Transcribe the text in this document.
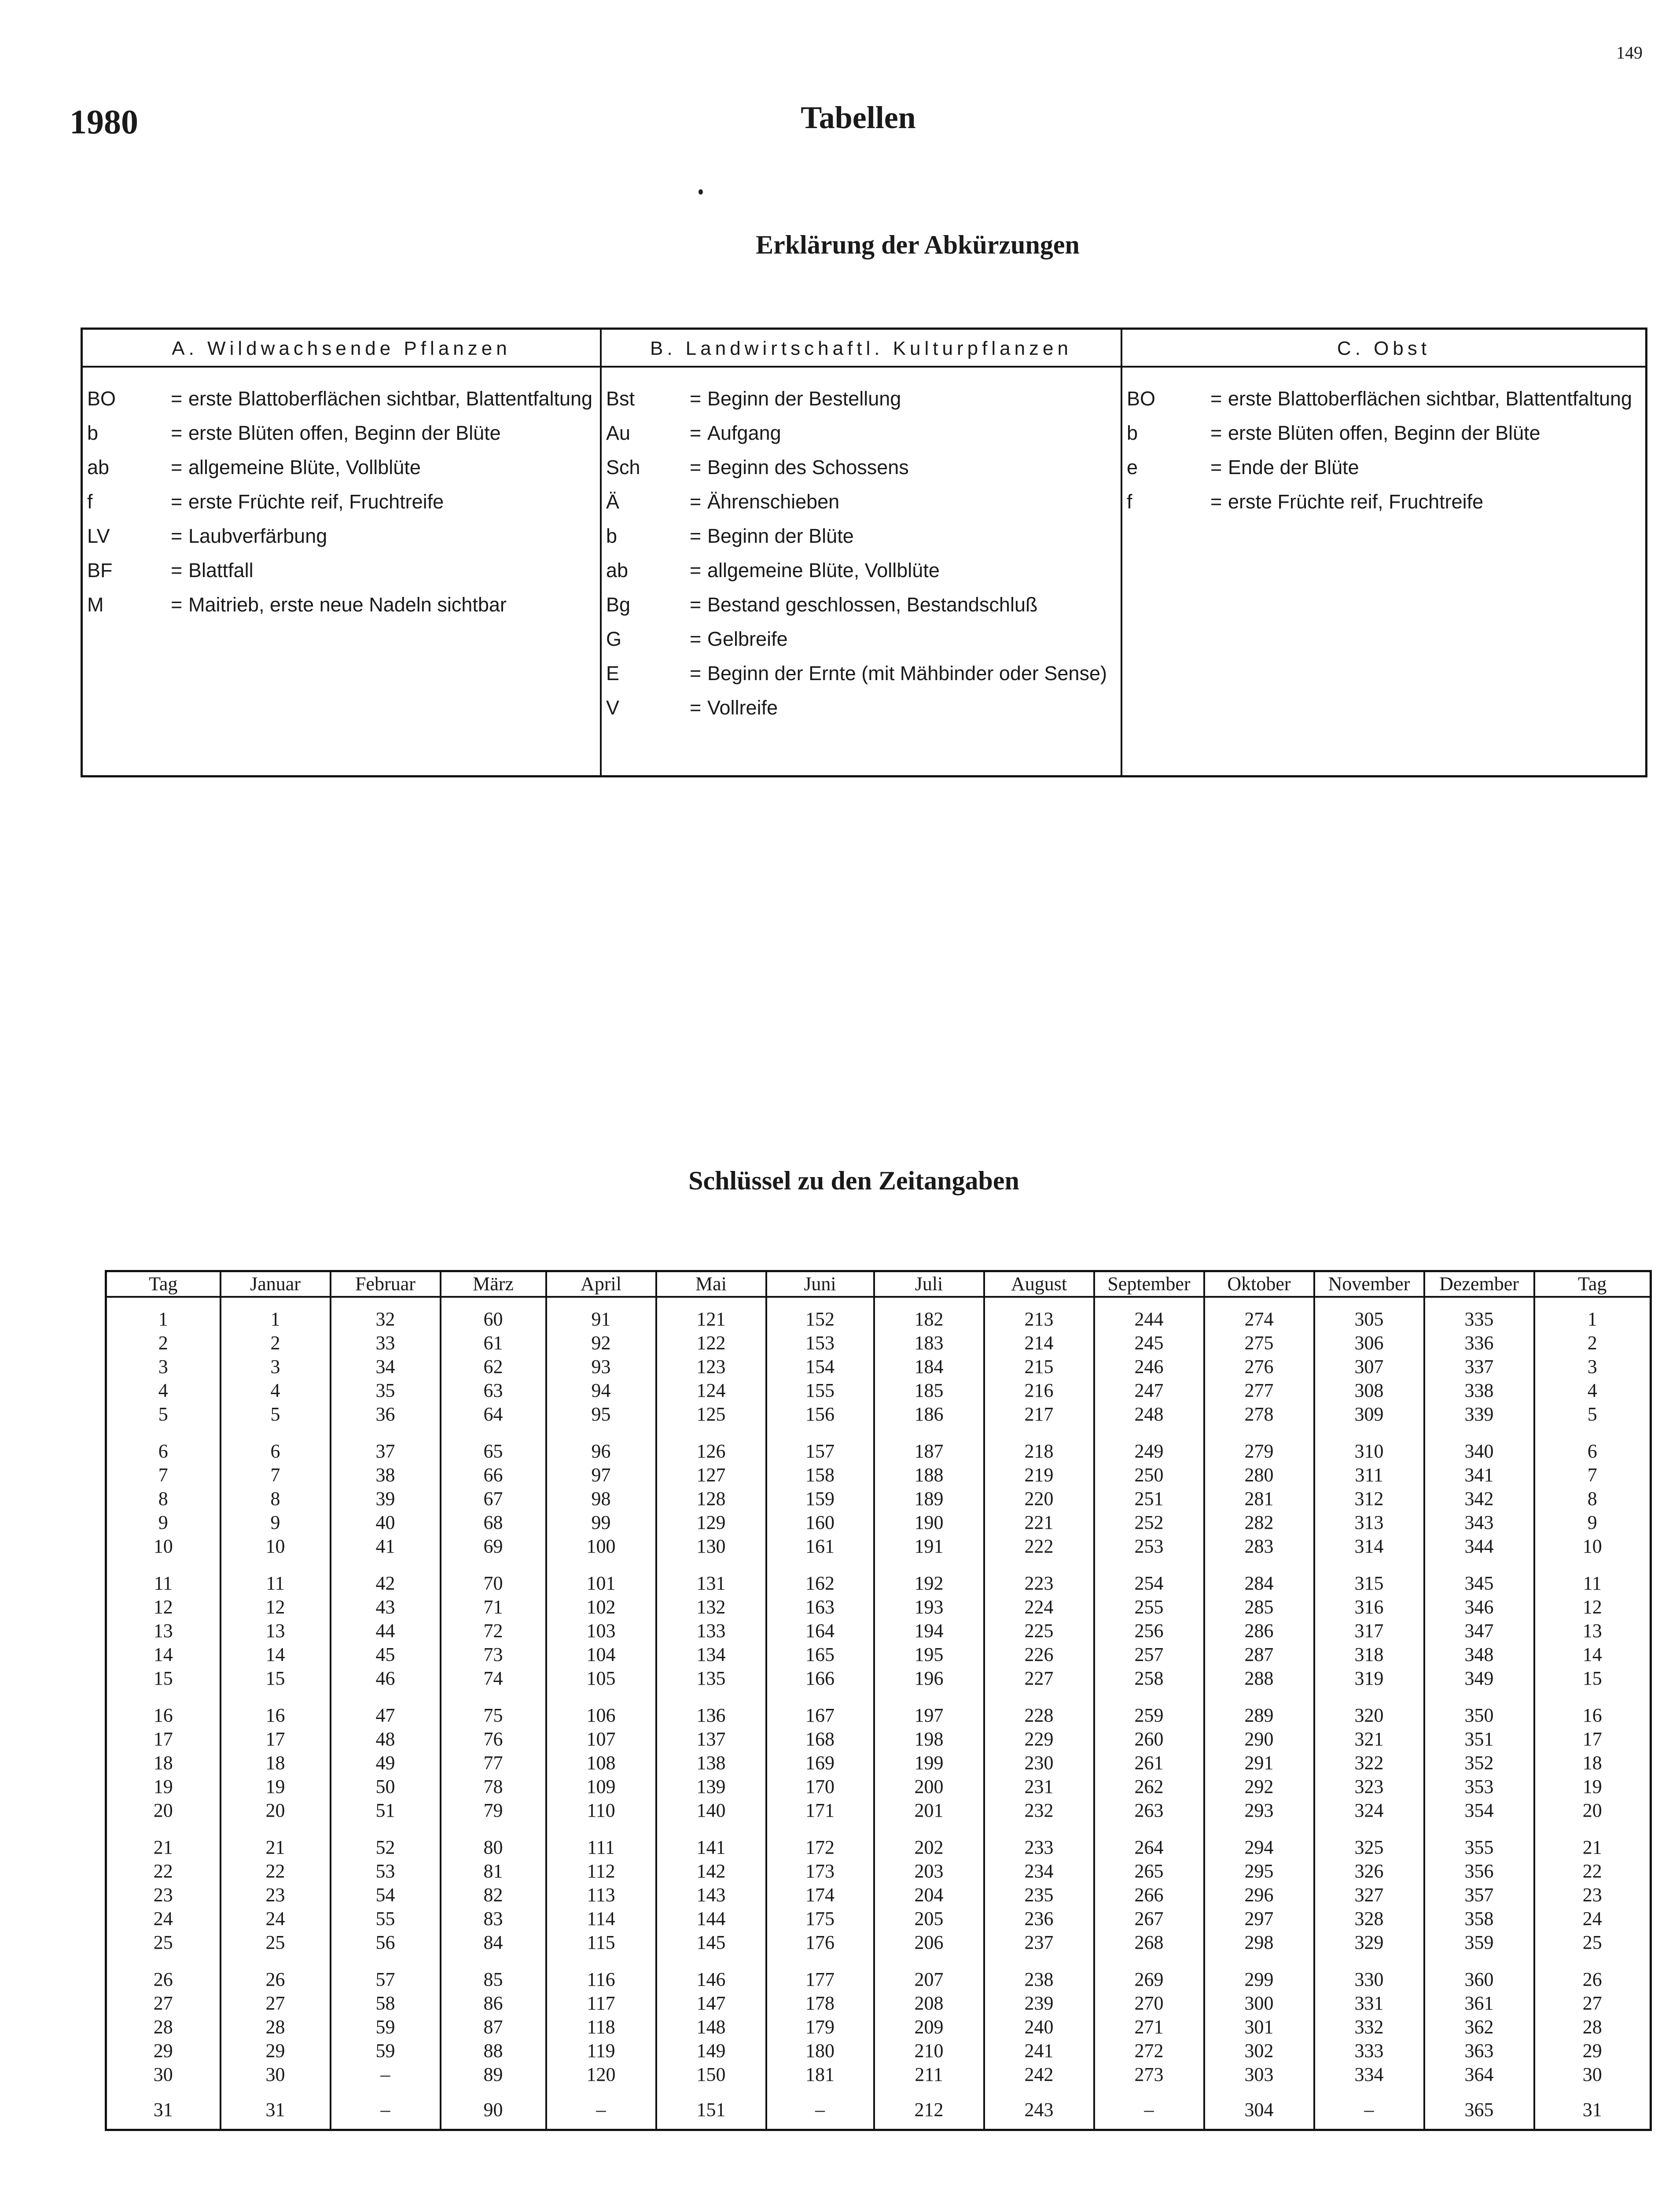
149
1980	Tabellen
Erklärung der Abkürzungen
A. Wildwachsende Pflanzen
BO	= erste Blattoberflächen sichtbar, Blattentfaltung
b	= erste Blüten offen, Beginn der Blüte
ab	= allgemeine Blüte, Vollblüte
f	= erste Früchte reif, Fruchtreife
LV	= Laubverfärbung
BF	= Blattfall
M	= Maitrieb, erste neue Nadeln sichtbar
B. Landwirtschaftl. Kulturpflanzen
Bst	= Beginn der Bestellung
Au	= Aufgang
Sch	= Beginn des Schossens
Ä	= Ährenschieben
b	= Beginn der Blüte
ab	= allgemeine Blüte, Vollblüte
Bg	= Bestand geschlossen, Bestandschluß
G	= Gelbreife
E	= Beginn der Ernte (mit Mähbinder oder Sense)
V	= Vollreife
C. Obst
BO	= erste Blattoberflächen sichtbar, Blattentfaltung
b	= erste Blüten offen, Beginn der Blüte
e	= Ende der Blüte
f	= erste Früchte reif, Fruchtreife
Schlüssel zu den Zeitangaben
Tag	Januar	Februar	März	April	Mai	Juni	Juli	August	September	Oktober	November	Dezember	Tag
1	1	32	60	91	121	152	182	213	244	274	305	335	1
2	2	33	61	92	122	153	183	214	245	275	306	336	2
3	3	34	62	93	123	154	184	215	246	276	307	337	3
4	4	35	63	94	124	155	185	216	247	277	308	338	4
5	5	36	64	95	125	156	186	217	248	278	309	339	5
6	6	37	65	96	126	157	187	218	249	279	310	340	6
7	7	38	66	97	127	158	188	219	250	280	311	341	7
8	8	39	67	98	128	159	189	220	251	281	312	342	8
9	9	40	68	99	129	160	190	221	252	282	313	343	9
10	10	41	69	100	130	161	191	222	253	283	314	344	10
11	11	42	70	101	131	162	192	223	254	284	315	345	11
12	12	43	71	102	132	163	193	224	255	285	316	346	12
13	13	44	72	103	133	164	194	225	256	286	317	347	13
14	14	45	73	104	134	165	195	226	257	287	318	348	14
15	15	46	74	105	135	166	196	227	258	288	319	349	15
16	16	47	75	106	136	167	197	228	259	289	320	350	16
17	17	48	76	107	137	168	198	229	260	290	321	351	17
18	18	49	77	108	138	169	199	230	261	291	322	352	18
19	19	50	78	109	139	170	200	231	262	292	323	353	19
20	20	51	79	110	140	171	201	232	263	293	324	354	20
21	21	52	80	111	141	172	202	233	264	294	325	355	21
22	22	53	81	112	142	173	203	234	265	295	326	356	22
23	23	54	82	113	143	174	204	235	266	296	327	357	23
24	24	55	83	114	144	175	205	236	267	297	328	358	24
25	25	56	84	115	145	176	206	237	268	298	329	359	25
26	26	57	85	116	146	177	207	238	269	299	330	360	26
27	27	58	86	117	147	178	208	239	270	300	331	361	27
28	28	59	87	118	148	179	209	240	271	301	332	362	28
29	29	59	88	119	149	180	210	241	272	302	333	363	29
30	30	–	89	120	150	181	211	242	273	303	334	364	30
31	31	–	90	–	151	–	212	243	–	304	–	365	31
